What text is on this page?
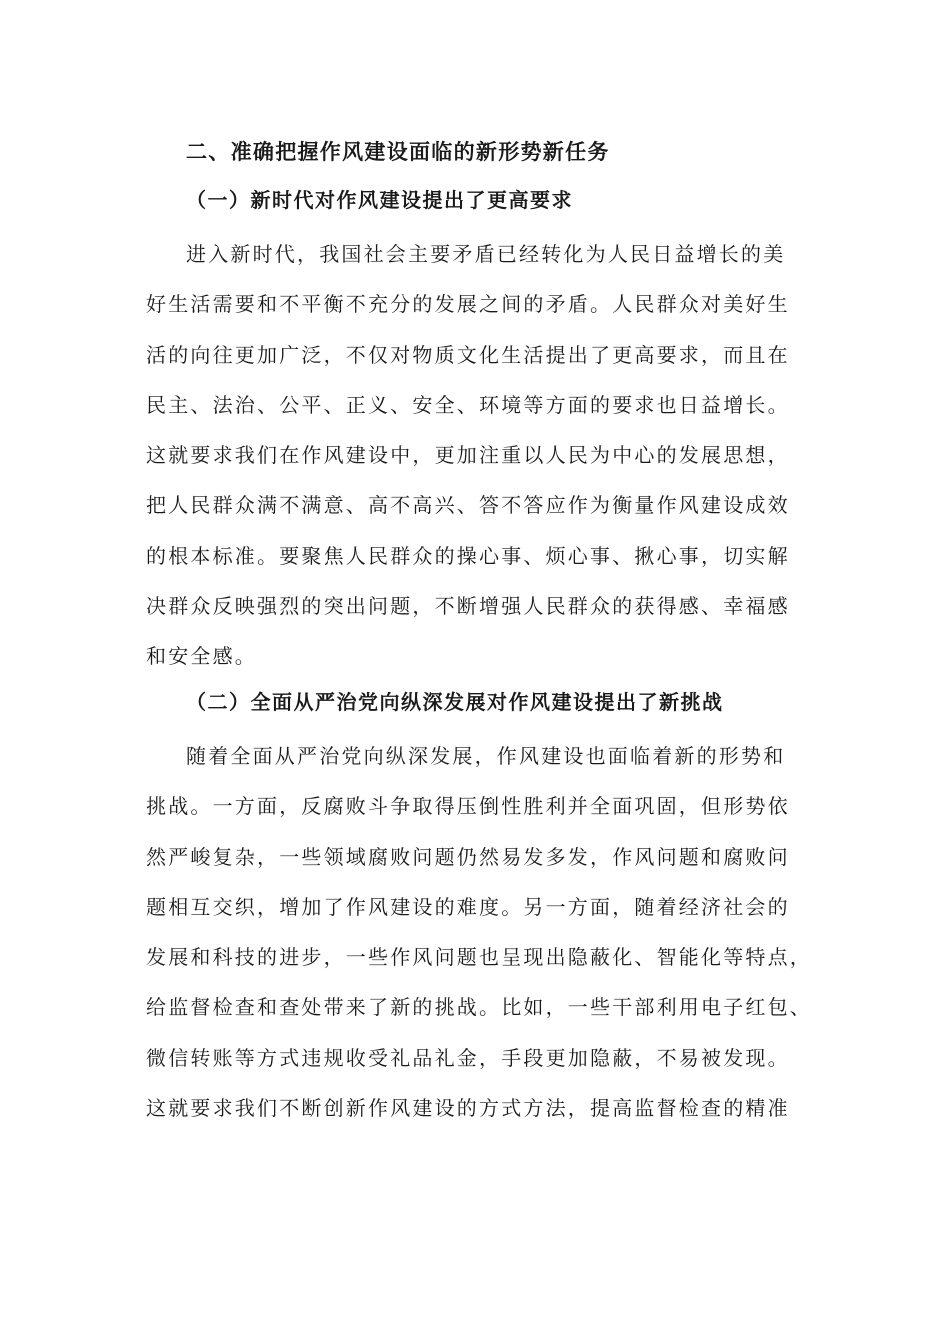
二、准确把握作风建设面临的新形势新任务
（一）新时代对作风建设提出了更高要求
进入新时代，我国社会主要矛盾已经转化为人民日益增长的美
好生活需要和不平衡不充分的发展之间的矛盾。人民群众对美好生
活的向往更加广泛，不仅对物质文化生活提出了更高要求，而且在
民主、法治、公平、正义、安全、环境等方面的要求也日益增长。
这就要求我们在作风建设中，更加注重以人民为中心的发展思想，
把人民群众满不满意、高不高兴、答不答应作为衡量作风建设成效
的根本标准。要聚焦人民群众的操心事、烦心事、揪心事，切实解
决群众反映强烈的突出问题，不断增强人民群众的获得感、幸福感
和安全感。
（二）全面从严治党向纵深发展对作风建设提出了新挑战
随着全面从严治党向纵深发展，作风建设也面临着新的形势和
挑战。一方面，反腐败斗争取得压倒性胜利并全面巩固，但形势依
然严峻复杂，一些领域腐败问题仍然易发多发，作风问题和腐败问
题相互交织，增加了作风建设的难度。另一方面，随着经济社会的
发展和科技的进步，一些作风问题也呈现出隐蔽化、智能化等特点，
给监督检查和查处带来了新的挑战。比如，一些干部利用电子红包、
微信转账等方式违规收受礼品礼金，手段更加隐蔽，不易被发现。
这就要求我们不断创新作风建设的方式方法，提高监督检查的精准
